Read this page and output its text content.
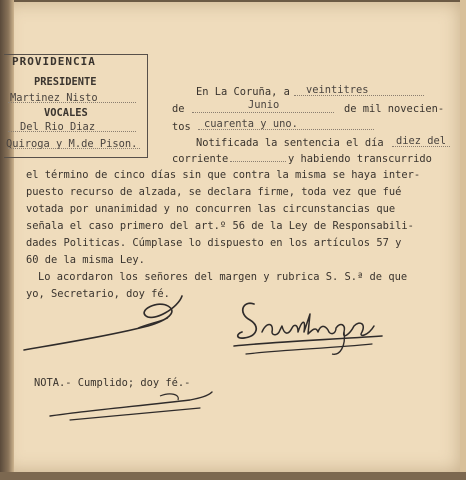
PROVIDENCIA
PRESIDENTE
Martinez Nisto
VOCALES
Del Rio Diaz
Quiroga y M.de Pison.
En La Coruña, a veintitres
de	Junio	de mil novecien-
tos cuarenta y uno.
Notificada la sentencia el día diez del
corriente	y habiendo transcurrido
el término de cinco días sin que contra la misma se haya inter-
puesto recurso de alzada, se declara firme, toda vez que fué
votada por unanimidad y no concurren las circunstancias que
señala el caso primero del art.º 56 de la Ley de Responsabili-
dades Politicas. Cúmplase lo dispuesto en los artículos 57 y
60 de la misma Ley.
Lo acordaron los señores del margen y rubrica S. S.ª de que
yo, Secretario, doy fé.
NOTA.- Cumplido; doy fé.-
